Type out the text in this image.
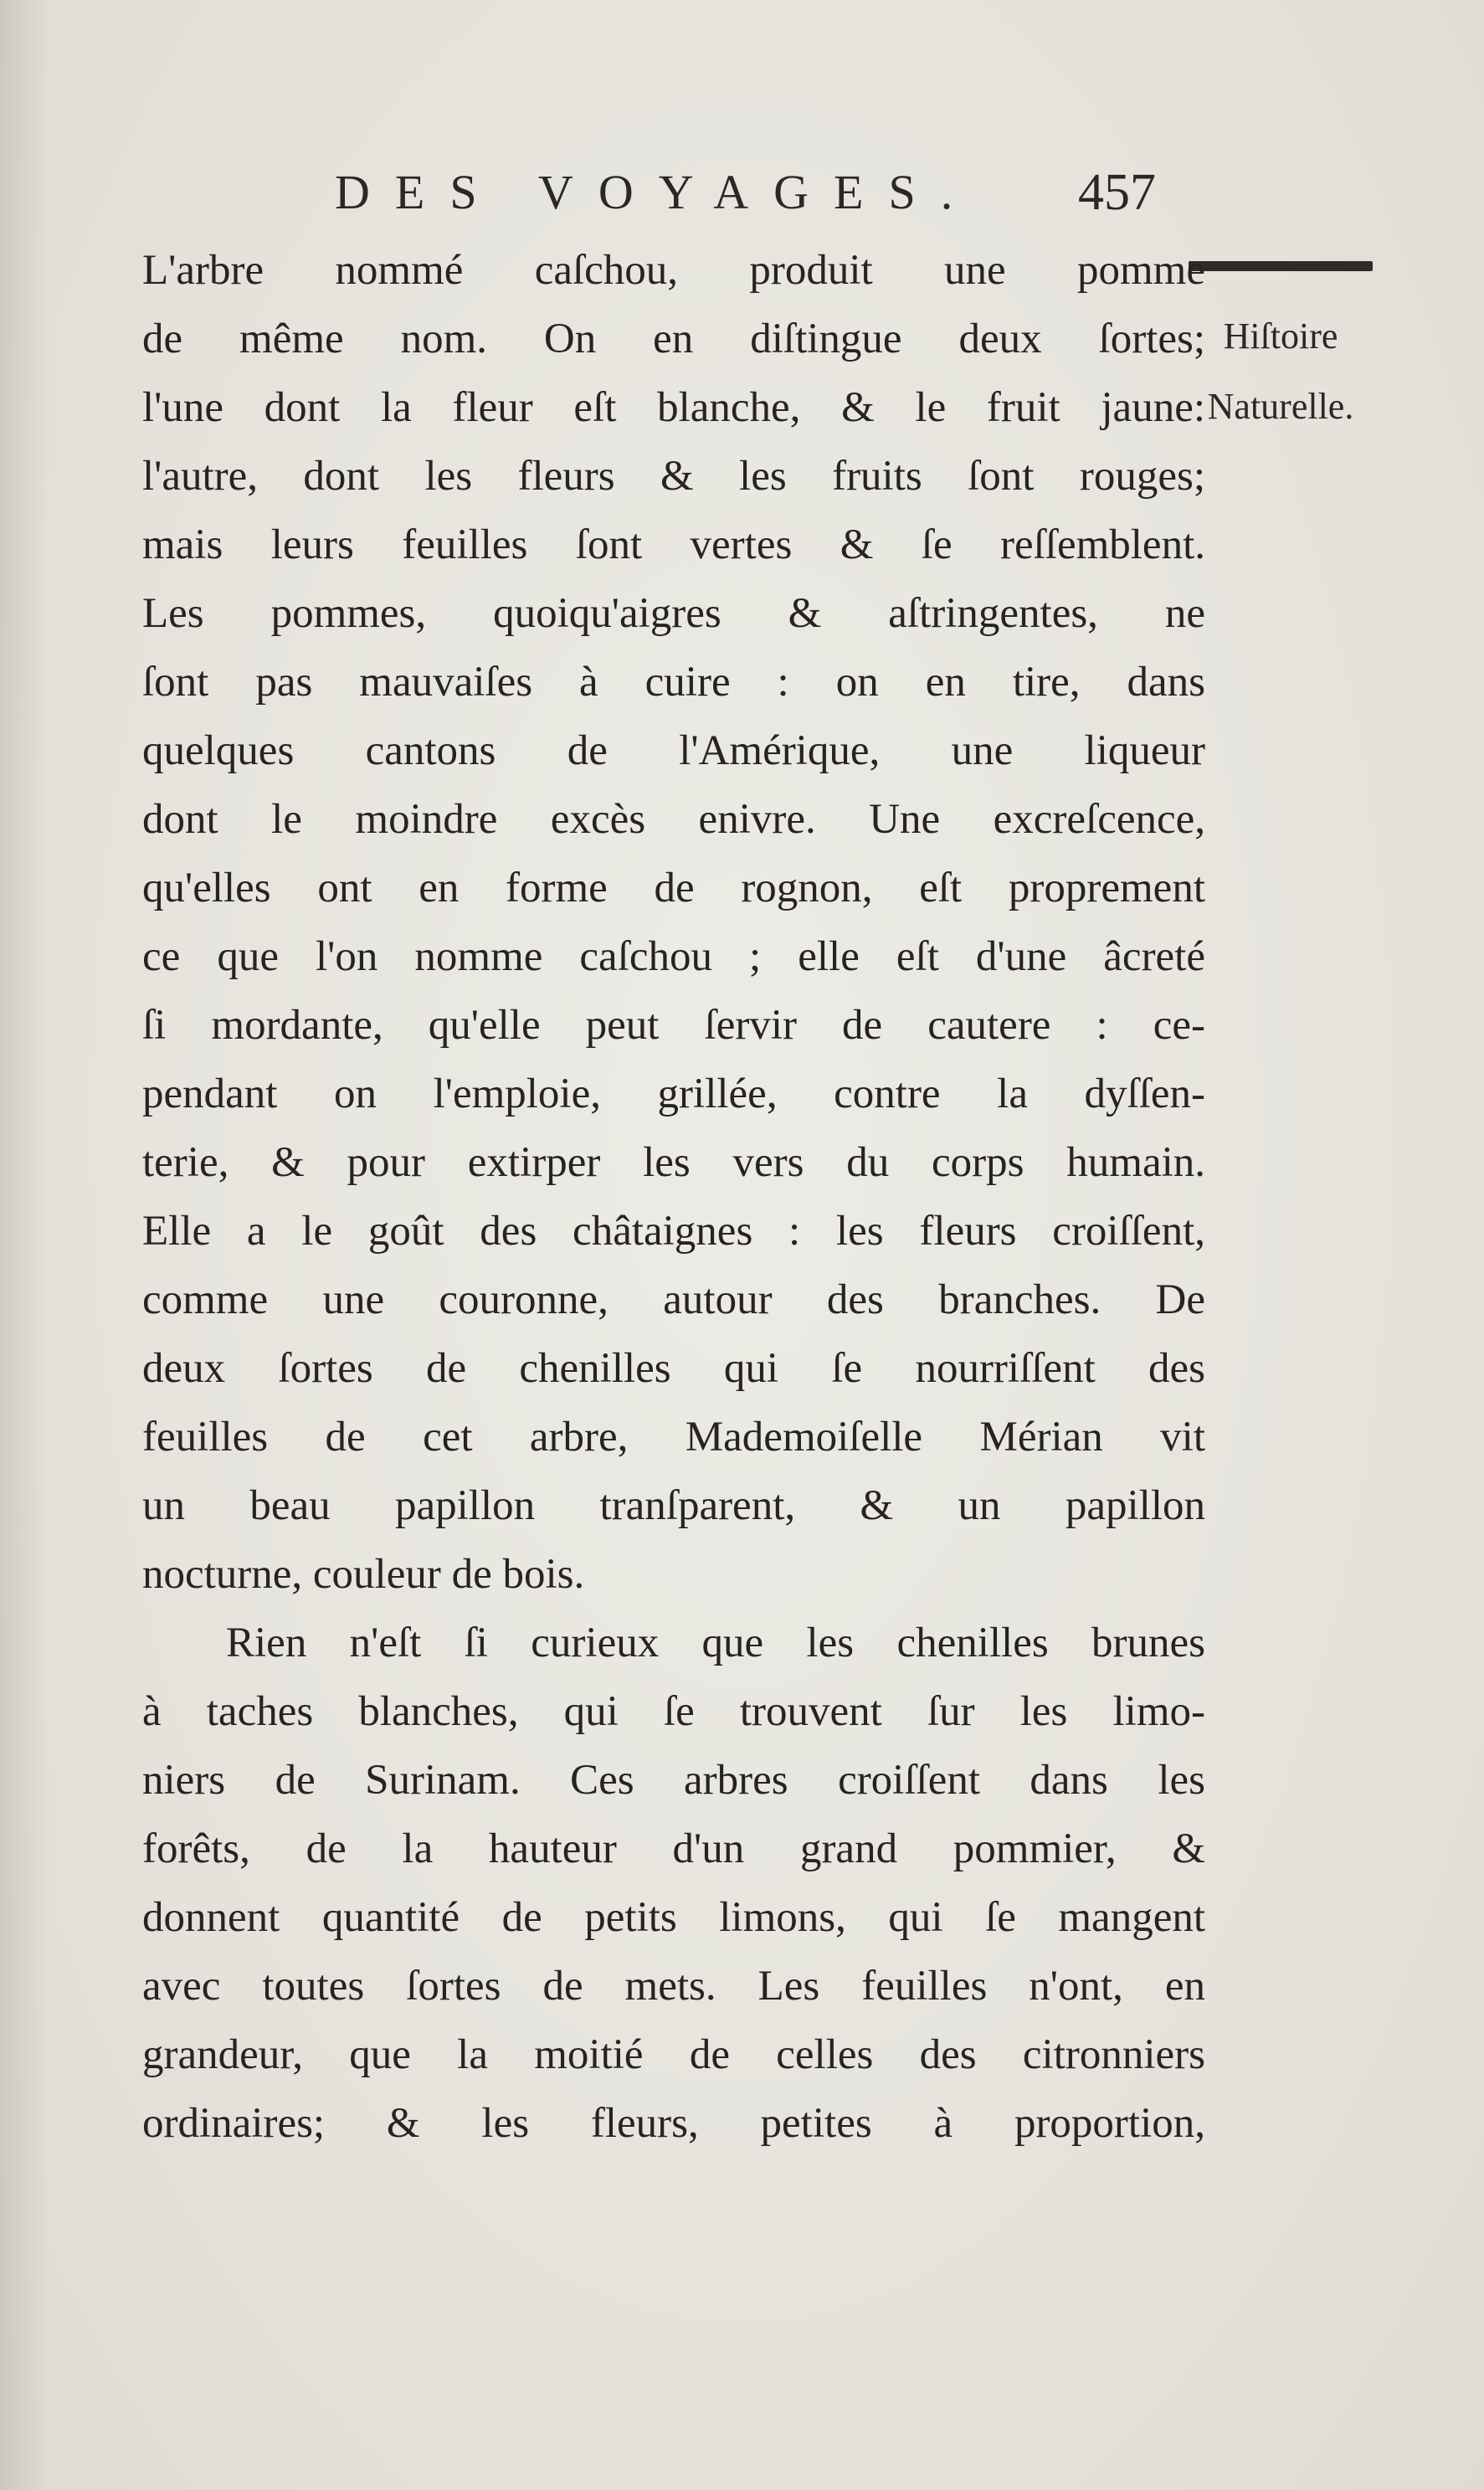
DES VOYAGES. 457
Hiſtoire
Naturelle.
L'arbre nommé caſchou, produit une pomme
de même nom. On en diſtingue deux ſortes;
l'une dont la fleur eſt blanche, & le fruit jaune:
l'autre, dont les fleurs & les fruits ſont rouges;
mais leurs feuilles ſont vertes & ſe reſſemblent.
Les pommes, quoiqu'aigres & aſtringentes, ne
ſont pas mauvaiſes à cuire : on en tire, dans
quelques cantons de l'Amérique, une liqueur
dont le moindre excès enivre. Une excreſcence,
qu'elles ont en forme de rognon, eſt proprement
ce que l'on nomme caſchou ; elle eſt d'une âcreté
ſi mordante, qu'elle peut ſervir de cautere : ce-
pendant on l'emploie, grillée, contre la dyſſen-
terie, & pour extirper les vers du corps humain.
Elle a le goût des châtaignes : les fleurs croiſſent,
comme une couronne, autour des branches. De
deux ſortes de chenilles qui ſe nourriſſent des
feuilles de cet arbre, Mademoiſelle Mérian vit
un beau papillon tranſparent, & un papillon
nocturne, couleur de bois.
Rien n'eſt ſi curieux que les chenilles brunes
à taches blanches, qui ſe trouvent ſur les limo-
niers de Surinam. Ces arbres croiſſent dans les
forêts, de la hauteur d'un grand pommier, &
donnent quantité de petits limons, qui ſe mangent
avec toutes ſortes de mets. Les feuilles n'ont, en
grandeur, que la moitié de celles des citronniers
ordinaires; & les fleurs, petites à proportion,
